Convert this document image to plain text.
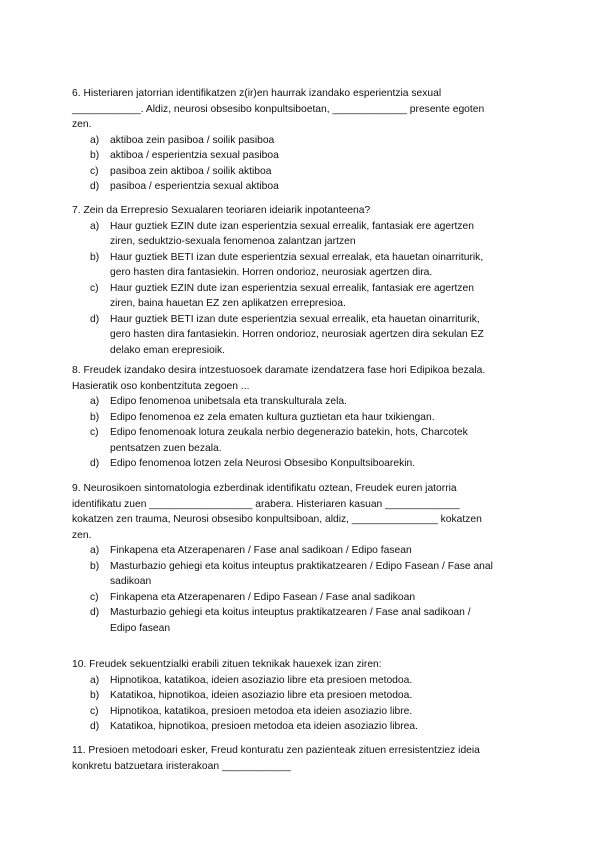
6. Histeriaren jatorrian identifikatzen z(ir)en haurrak izandako esperientzia sexual
____________. Aldiz, neurosi obsesibo konpultsiboetan, _____________ presente egoten
zen.
a) aktiboa zein pasiboa / soilik pasiboa
b) aktiboa / esperientzia sexual pasiboa
c) pasiboa zein aktiboa / soilik aktiboa
d) pasiboa / esperientzia sexual aktiboa
7. Zein da Errepresio Sexualaren teoriaren ideiarik inpotanteena?
a) Haur guztiek EZIN dute izan esperientzia sexual errealik, fantasiak ere agertzen
ziren, seduktzio-sexuala fenomenoa zalantzan jartzen
b) Haur guztiek BETI izan dute esperientzia sexual errealak, eta hauetan oinarriturik,
gero hasten dira fantasiekin. Horren ondorioz, neurosiak agertzen dira.
c) Haur guztiek EZIN dute izan esperientzia sexual errealik, fantasiak ere agertzen
ziren, baina hauetan EZ zen aplikatzen errepresioa.
d) Haur guztiek BETI izan dute esperientzia sexual errealik, eta hauetan oinarriturik,
gero hasten dira fantasiekin. Horren ondorioz, neurosiak agertzen dira sekulan EZ
delako eman erepresioik.
8. Freudek izandako desira intzestuosoek daramate izendatzera fase hori Edipikoa bezala.
Hasieratik oso konbentzituta zegoen ...
a) Edipo fenomenoa unibetsala eta transkulturala zela.
b) Edipo fenomenoa ez zela ematen kultura guztietan eta haur txikiengan.
c) Edipo fenomenoak lotura zeukala nerbio degenerazio batekin, hots, Charcotek
pentsatzen zuen bezala.
d) Edipo fenomenoa lotzen zela Neurosi Obsesibo Konpultsiboarekin.
9. Neurosikoen sintomatologia ezberdinak identifikatu oztean, Freudek euren jatorria
identifikatu zuen __________________ arabera. Histeriaren kasuan _____________
kokatzen zen trauma, Neurosi obsesibo konpultsiboan, aldiz, _______________ kokatzen
zen.
a) Finkapena eta Atzerapenaren / Fase anal sadikoan / Edipo fasean
b) Masturbazio gehiegi eta koitus inteuptus praktikatzearen / Edipo Fasean / Fase anal
sadikoan
c) Finkapena eta Atzerapenaren / Edipo Fasean / Fase anal sadikoan
d) Masturbazio gehiegi eta koitus inteuptus praktikatzearen / Fase anal sadikoan /
Edipo fasean
10. Freudek sekuentzialki erabili zituen teknikak hauexek izan ziren:
a) Hipnotikoa, katatikoa, ideien asoziazio libre eta presioen metodoa.
b) Katatikoa, hipnotikoa, ideien asoziazio libre eta presioen metodoa.
c) Hipnotikoa, katatikoa, presioen metodoa eta ideien asoziazio libre.
d) Katatikoa, hipnotikoa, presioen metodoa eta ideien asoziazio librea.
11. Presioen metodoari esker, Freud konturatu zen pazienteak zituen erresistentziez ideia
konkretu batzuetara iristerakoan ____________
